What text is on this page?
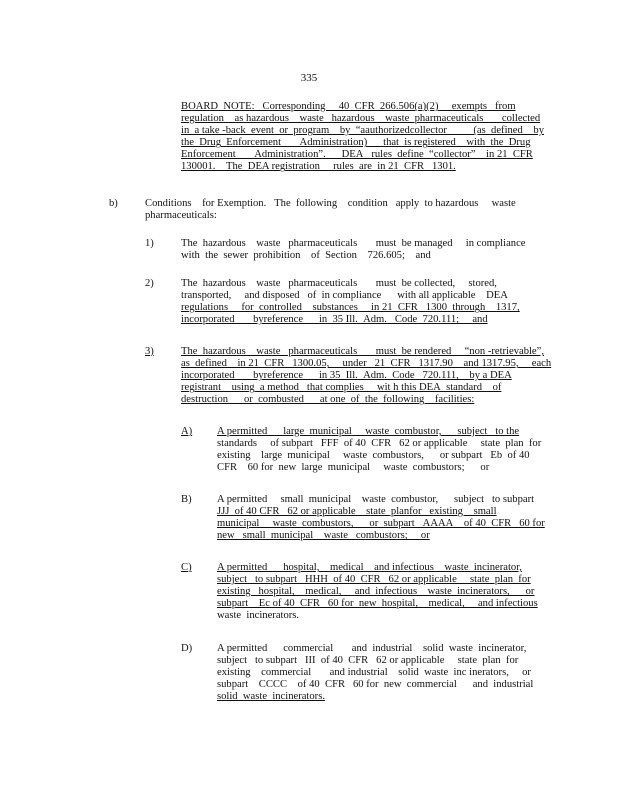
335
BOARD  NOTE:   Corresponding     40  CFR  266.506(a)(2)     exempts   from
regulation    as hazardous    waste   hazardous    waste  pharmaceuticals       collected
in  a take -back  event  or  program    by  “aauthorizedcollector          (as  defined    by
the  Drug  Enforcement       Administration)      that  is registered    with  the  Drug
Enforcement       Administration”.      DEA   rules  define  “collector”    in 21  CFR
130001.    The  DEA registration     rules  are  in 21  CFR   1301.
b)	Conditions    for Exemption.   The  following    condition   apply  to hazardous     waste
pharmaceuticals:
1)	The  hazardous    waste   pharmaceuticals       must  be managed     in compliance
with  the  sewer  prohibition    of  Section    726.605;    and
2)	The  hazardous    waste   pharmaceuticals       must  be collected,     stored,
transported,     and disposed   of  in compliance      with all applicable    DEA
regulations     for  controlled    substances     in 21  CFR   1300  through    1317,
incorporated       byreference      in  35 Ill.  Adm.   Code  720.111;     and
3)	The  hazardous    waste   pharmaceuticals       must  be rendered     “non -retrievable”,
as  defined    in 21  CFR   1300.05,     under   21  CFR   1317.90    and 1317.95,     each
incorporated       byreference      in 35  Ill.  Adm.  Code   720.111,    by a DEA
registrant    using  a method   that complies     wit h this DEA  standard    of
destruction      or  combusted      at one  of  the  following    facilities:
A) A permitted      large  municipal     waste  combustor,      subject   to the
standards     of subpart   FFF  of 40  CFR   62 or applicable     state  plan  for
existing    large  municipal     waste  combustors,      or subpart   Eb  of 40
CFR    60 for  new  large  municipal     waste  combustors;      or
B) A permitted     small  municipal    waste  combustor,      subject   to subpart
JJJ  of 40 CFR   62 or applicable    state  planfor   existing    small
municipal     waste  combustors,      or  subpart   AAAA    of 40  CFR   60 for
new   small  municipal    waste   combustors;     or
C) A permitted      hospital,    medical    and infectious    waste  incinerator,
subject   to subpart   HHH  of 40  CFR   62 or applicable     state  plan  for
existing   hospital,    medical,     and  infectious    waste  incinerators,      or
subpart    Ec of 40  CFR   60 for  new  hospital,    medical,     and infectious
waste  incinerators.
D) A permitted      commercial       and  industrial    solid  waste  incinerator,
subject   to subpart   III  of 40  CFR   62 or applicable     state  plan  for
existing    commercial       and industrial    solid  waste  inc inerators,     or
subpart    CCCC    of 40  CFR   60 for  new  commercial      and  industrial
solid  waste  incinerators.
